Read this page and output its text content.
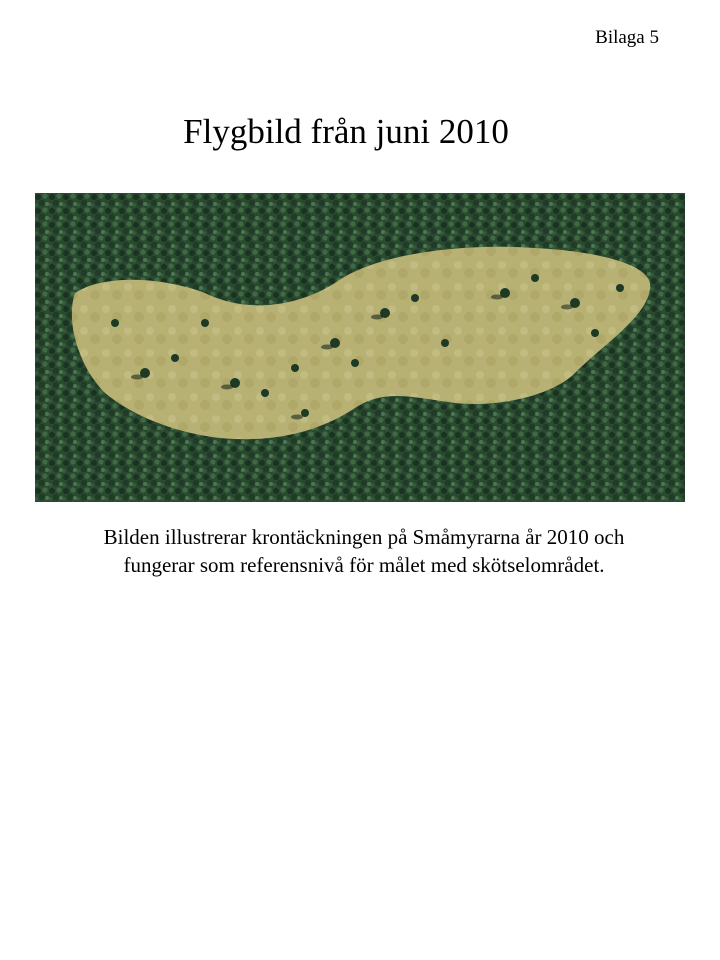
Bilaga 5
Flygbild från juni 2010

Bilden illustrerar krontäckningen på Småmyrarna år 2010 och
fungerar som referensnivå för målet med skötselområdet.
